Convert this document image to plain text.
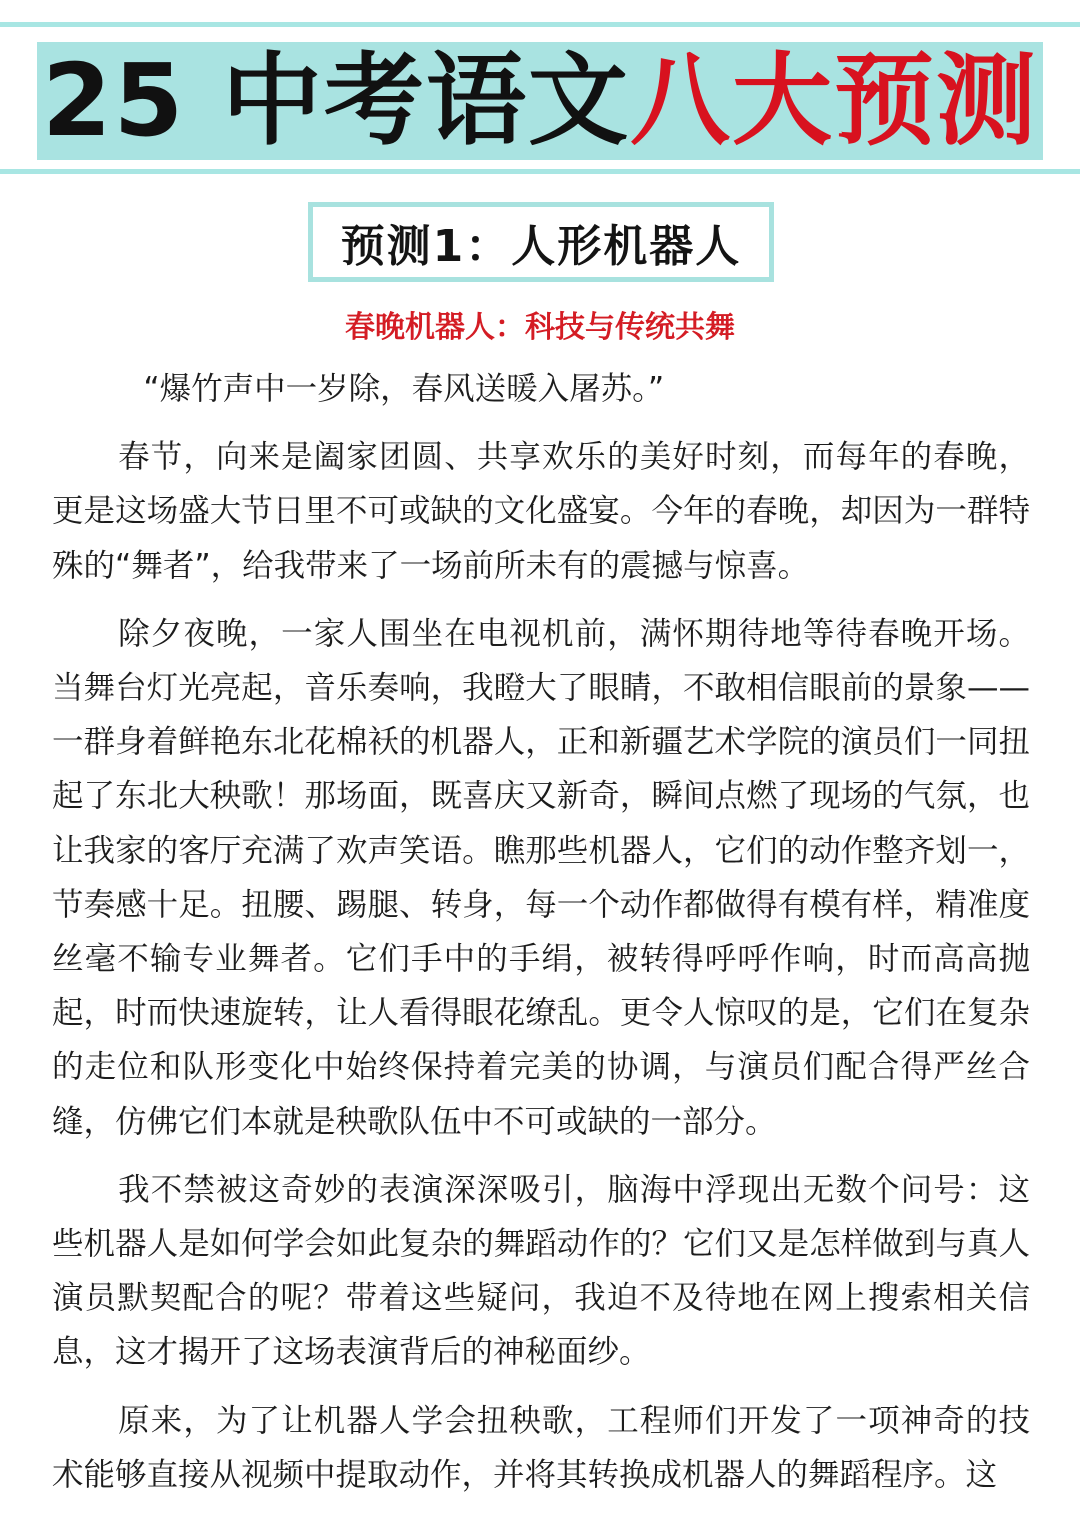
25 中考语文八大预测
预测1：人形机器人
春晚机器人：科技与传统共舞

“爆竹声中一岁除，春风送暖入屠苏。”

春节，向来是阖家团圆、共享欢乐的美好时刻，而每年的春晚，更是这场盛大节日里不可或缺的文化盛宴。今年的春晚，却因为一群特殊的“舞者”，给我带来了一场前所未有的震撼与惊喜。

除夕夜晚，一家人围坐在电视机前，满怀期待地等待春晚开场。当舞台灯光亮起，音乐奏响，我瞪大了眼睛，不敢相信眼前的景象——一群身着鲜艳东北花棉袄的机器人，正和新疆艺术学院的演员们一同扭起了东北大秧歌！那场面，既喜庆又新奇，瞬间点燃了现场的气氛，也让我家的客厅充满了欢声笑语。瞧那些机器人，它们的动作整齐划一，节奏感十足。扭腰、踢腿、转身，每一个动作都做得有模有样，精准度丝毫不输专业舞者。它们手中的手绢，被转得呼呼作响，时而高高抛起，时而快速旋转，让人看得眼花缭乱。更令人惊叹的是，它们在复杂的走位和队形变化中始终保持着完美的协调，与演员们配合得严丝合缝，仿佛它们本就是秧歌队伍中不可或缺的一部分。

我不禁被这奇妙的表演深深吸引，脑海中浮现出无数个问号：这些机器人是如何学会如此复杂的舞蹈动作的？它们又是怎样做到与真人演员默契配合的呢？带着这些疑问，我迫不及待地在网上搜索相关信息，这才揭开了这场表演背后的神秘面纱。

原来，为了让机器人学会扭秧歌，工程师们开发了一项神奇的技术能够直接从视频中提取动作，并将其转换成机器人的舞蹈程序。这
